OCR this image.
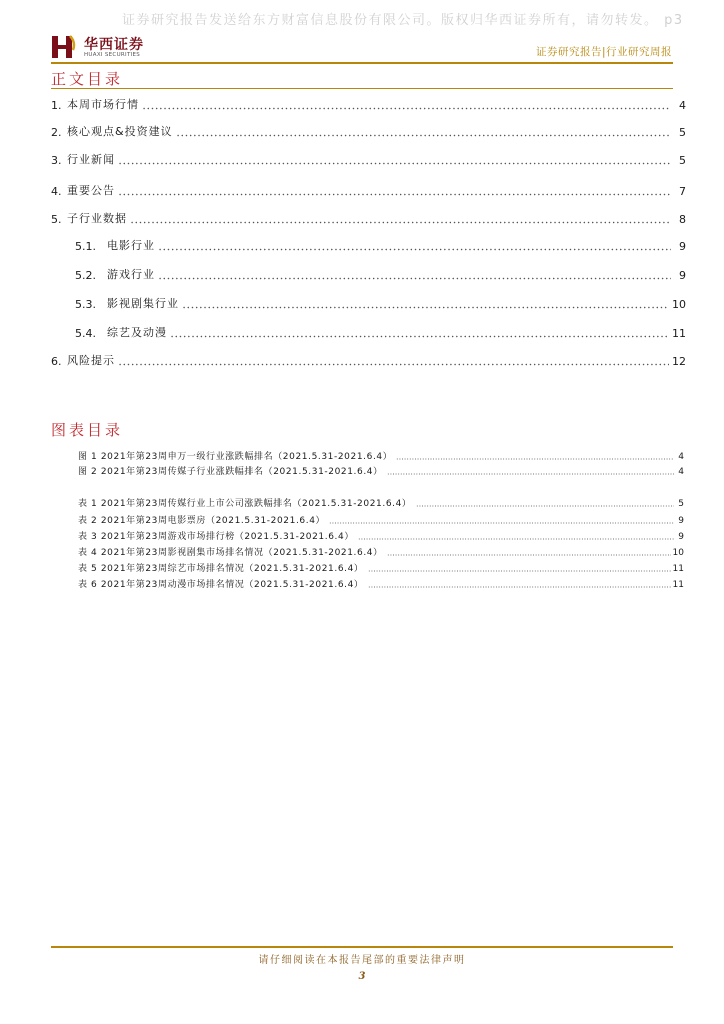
证券研究报告发送给东方财富信息股份有限公司。版权归华西证券所有，请勿转发。 p3
华西证券
HUAXI SECURITIES	证券研究报告|行业研究周报
正文目录
1. 本周市场行情	4
2. 核心观点&投资建议	5
3. 行业新闻	5
4. 重要公告	7
5. 子行业数据	8
5.1.	电影行业	9
5.2.	游戏行业	9
5.3.	影视剧集行业	10
5.4.	综艺及动漫	11
6. 风险提示	12
图表目录
图 1 2021年第23周申万一级行业涨跌幅排名（2021.5.31-2021.6.4）	4
图 2 2021年第23周传媒子行业涨跌幅排名（2021.5.31-2021.6.4）	4
表 1 2021年第23周传媒行业上市公司涨跌幅排名（2021.5.31-2021.6.4）	5
表 2 2021年第23周电影票房（2021.5.31-2021.6.4）	9
表 3 2021年第23周游戏市场排行榜（2021.5.31-2021.6.4）	9
表 4 2021年第23周影视剧集市场排名情况（2021.5.31-2021.6.4）	10
表 5 2021年第23周综艺市场排名情况（2021.5.31-2021.6.4）	11
表 6 2021年第23周动漫市场排名情况（2021.5.31-2021.6.4）	11
请仔细阅读在本报告尾部的重要法律声明
3
